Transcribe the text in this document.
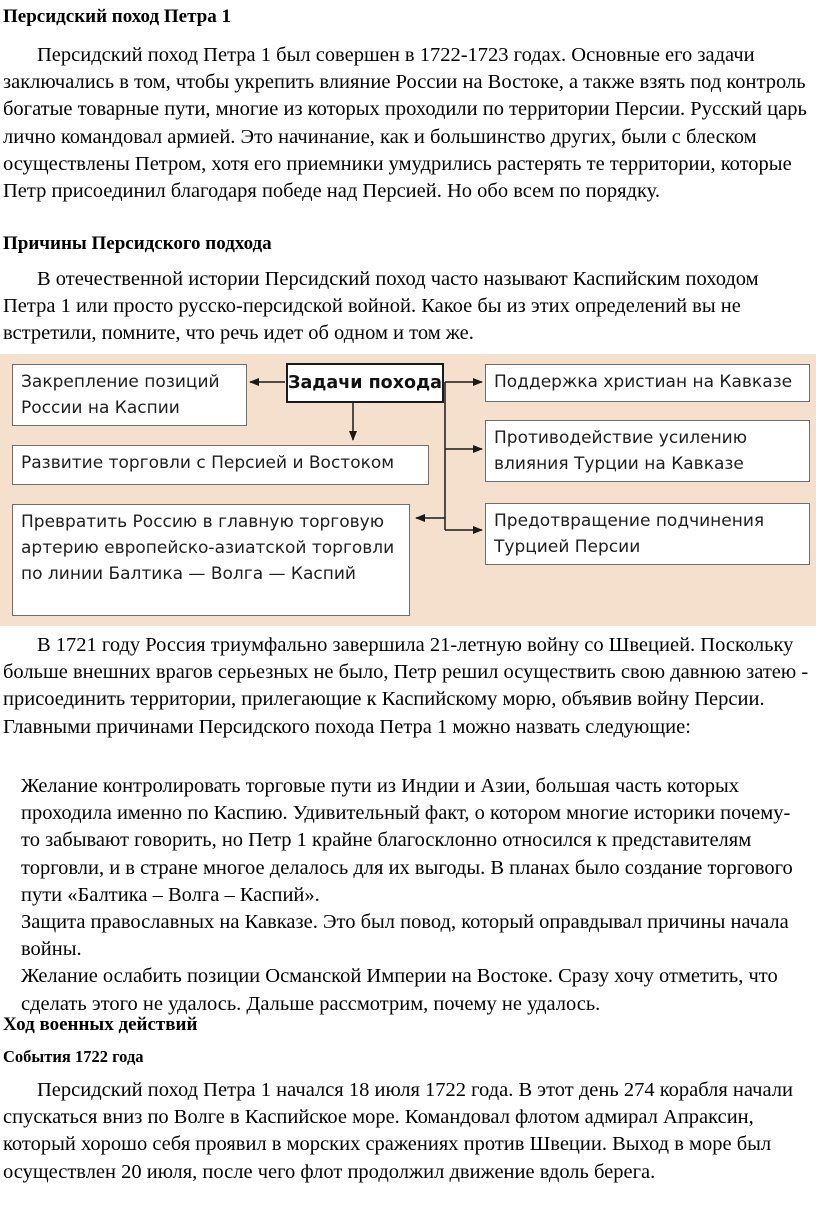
Персидский поход Петра 1

Персидский поход Петра 1 был совершен в 1722-1723 годах. Основные его задачи заключались в том, чтобы укрепить влияние России на Востоке, а также взять под контроль богатые товарные пути, многие из которых проходили по территории Персии. Русский царь лично командовал армией. Это начинание, как и большинство других, были с блеском осуществлены Петром, хотя его приемники умудрились растерять те территории, которые Петр присоединил благодаря победе над Персией. Но обо всем по порядку.

Причины Персидского подхода

В отечественной истории Персидский поход часто называют Каспийским походом Петра 1 или просто русско-персидской войной. Какое бы из этих определений вы не встретили, помните, что речь идет об одном и том же.

Закрепление позиций России на Каспии
Развитие торговли с Персией и Востоком
Превратить Россию в главную торговую артерию европейско-азиатской торговли по линии Балтика — Волга — Каспий
Задачи похода	Поддержка христиан на Кавказе
Противодействие усилению влияния Турции на Кавказе
Предотвращение подчинения Турцией Персии

В 1721 году Россия триумфально завершила 21-летную войну со Швецией. Поскольку больше внешних врагов серьезных не было, Петр решил осуществить свою давнюю затею - присоединить территории, прилегающие к Каспийскому морю, объявив войну Персии. Главными причинами Персидского похода Петра 1 можно назвать следующие:

Желание контролировать торговые пути из Индии и Азии, большая часть которых проходила именно по Каспию. Удивительный факт, о котором многие историки почему-то забывают говорить, но Петр 1 крайне благосклонно относился к представителям торговли, и в стране многое делалось для их выгоды. В планах было создание торгового пути «Балтика – Волга – Каспий».
Защита православных на Кавказе. Это был повод, который оправдывал причины начала войны.
Желание ослабить позиции Османской Империи на Востоке. Сразу хочу отметить, что сделать этого не удалось. Дальше рассмотрим, почему не удалось.
Ход военных действий
События 1722 года

Персидский поход Петра 1 начался 18 июля 1722 года. В этот день 274 корабля начали спускаться вниз по Волге в Каспийское море. Командовал флотом адмирал Апраксин, который хорошо себя проявил в морских сражениях против Швеции. Выход в море был осуществлен 20 июля, после чего флот продолжил движение вдоль берега.
